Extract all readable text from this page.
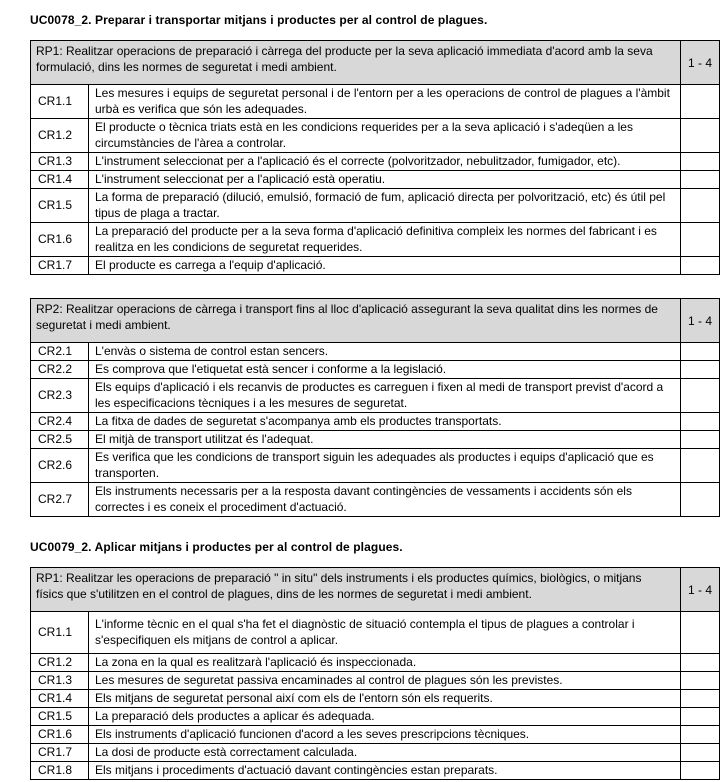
UC0078_2. Preparar i transportar mitjans i productes per al control de plagues.
RP1: Realitzar operacions de preparació i càrrega del producte per la seva aplicació immediata d'acord amb la seva formulació, dins les normes de seguretat i medi ambient.		1 - 4
CR1.1	Les mesures i equips de seguretat personal i de l'entorn per a les operacions de control de plagues a l'àmbit urbà es verifica que són les adequades.	
CR1.2	El producte o tècnica triats està en les condicions requerides per a la seva aplicació i s'adeqüen a les circumstàncies de l'àrea a controlar.	
CR1.3	L'instrument seleccionat per a l'aplicació és el correcte (polvoritzador, nebulitzador, fumigador, etc).	
CR1.4	L'instrument seleccionat per a l'aplicació està operatiu.	
CR1.5	La forma de preparació (dilució, emulsió, formació de fum, aplicació directa per polvorització, etc) és útil pel tipus de plaga a tractar.	
CR1.6	La preparació del producte per a la seva forma d'aplicació definitiva compleix les normes del fabricant i es realitza en les condicions de seguretat requerides.	
CR1.7	El producte es carrega a l'equip d'aplicació.	
RP2: Realitzar operacions de càrrega i transport fins al lloc d'aplicació assegurant la seva qualitat dins les normes de seguretat i medi ambient.		1 - 4
CR2.1	L'envàs o sistema de control estan sencers.	
CR2.2	Es comprova que l'etiquetat està sencer i conforme a la legislació.	
CR2.3	Els equips d'aplicació i els recanvis de productes es carreguen i fixen al medi de transport previst d'acord a les especificacions tècniques i a les mesures de seguretat.	
CR2.4	La fitxa de dades de seguretat s'acompanya amb els productes transportats.	
CR2.5	El mitjà de transport utilitzat és l'adequat.	
CR2.6	Es verifica que les condicions de transport siguin les adequades als productes i equips d'aplicació que es transporten.	
CR2.7	Els instruments necessaris per a la resposta davant contingències de vessaments i accidents són els correctes i es coneix el procediment d'actuació.	
UC0079_2. Aplicar mitjans i productes per al control de plagues.
RP1: Realitzar les operacions de preparació " in situ" dels instruments i els productes químics, biològics, o mitjans físics que s'utilitzen en el control de plagues, dins de les normes de seguretat i medi ambient.		1 - 4
CR1.1	L'informe tècnic en el qual s'ha fet el diagnòstic de situació contempla el tipus de plagues a controlar i s'especifiquen els mitjans de control a aplicar.	
CR1.2	La zona en la qual es realitzarà l'aplicació és inspeccionada.	
CR1.3	Les mesures de seguretat passiva encaminades al control de plagues són les previstes.	
CR1.4	Els mitjans de seguretat personal així com els de l'entorn són els requerits.	
CR1.5	La preparació dels productes a aplicar és adequada.	
CR1.6	Els instruments d'aplicació funcionen d'acord a les seves prescripcions tècniques.	
CR1.7	La dosi de producte està correctament calculada.	
CR1.8	Els mitjans i procediments d'actuació davant contingències estan preparats.	
